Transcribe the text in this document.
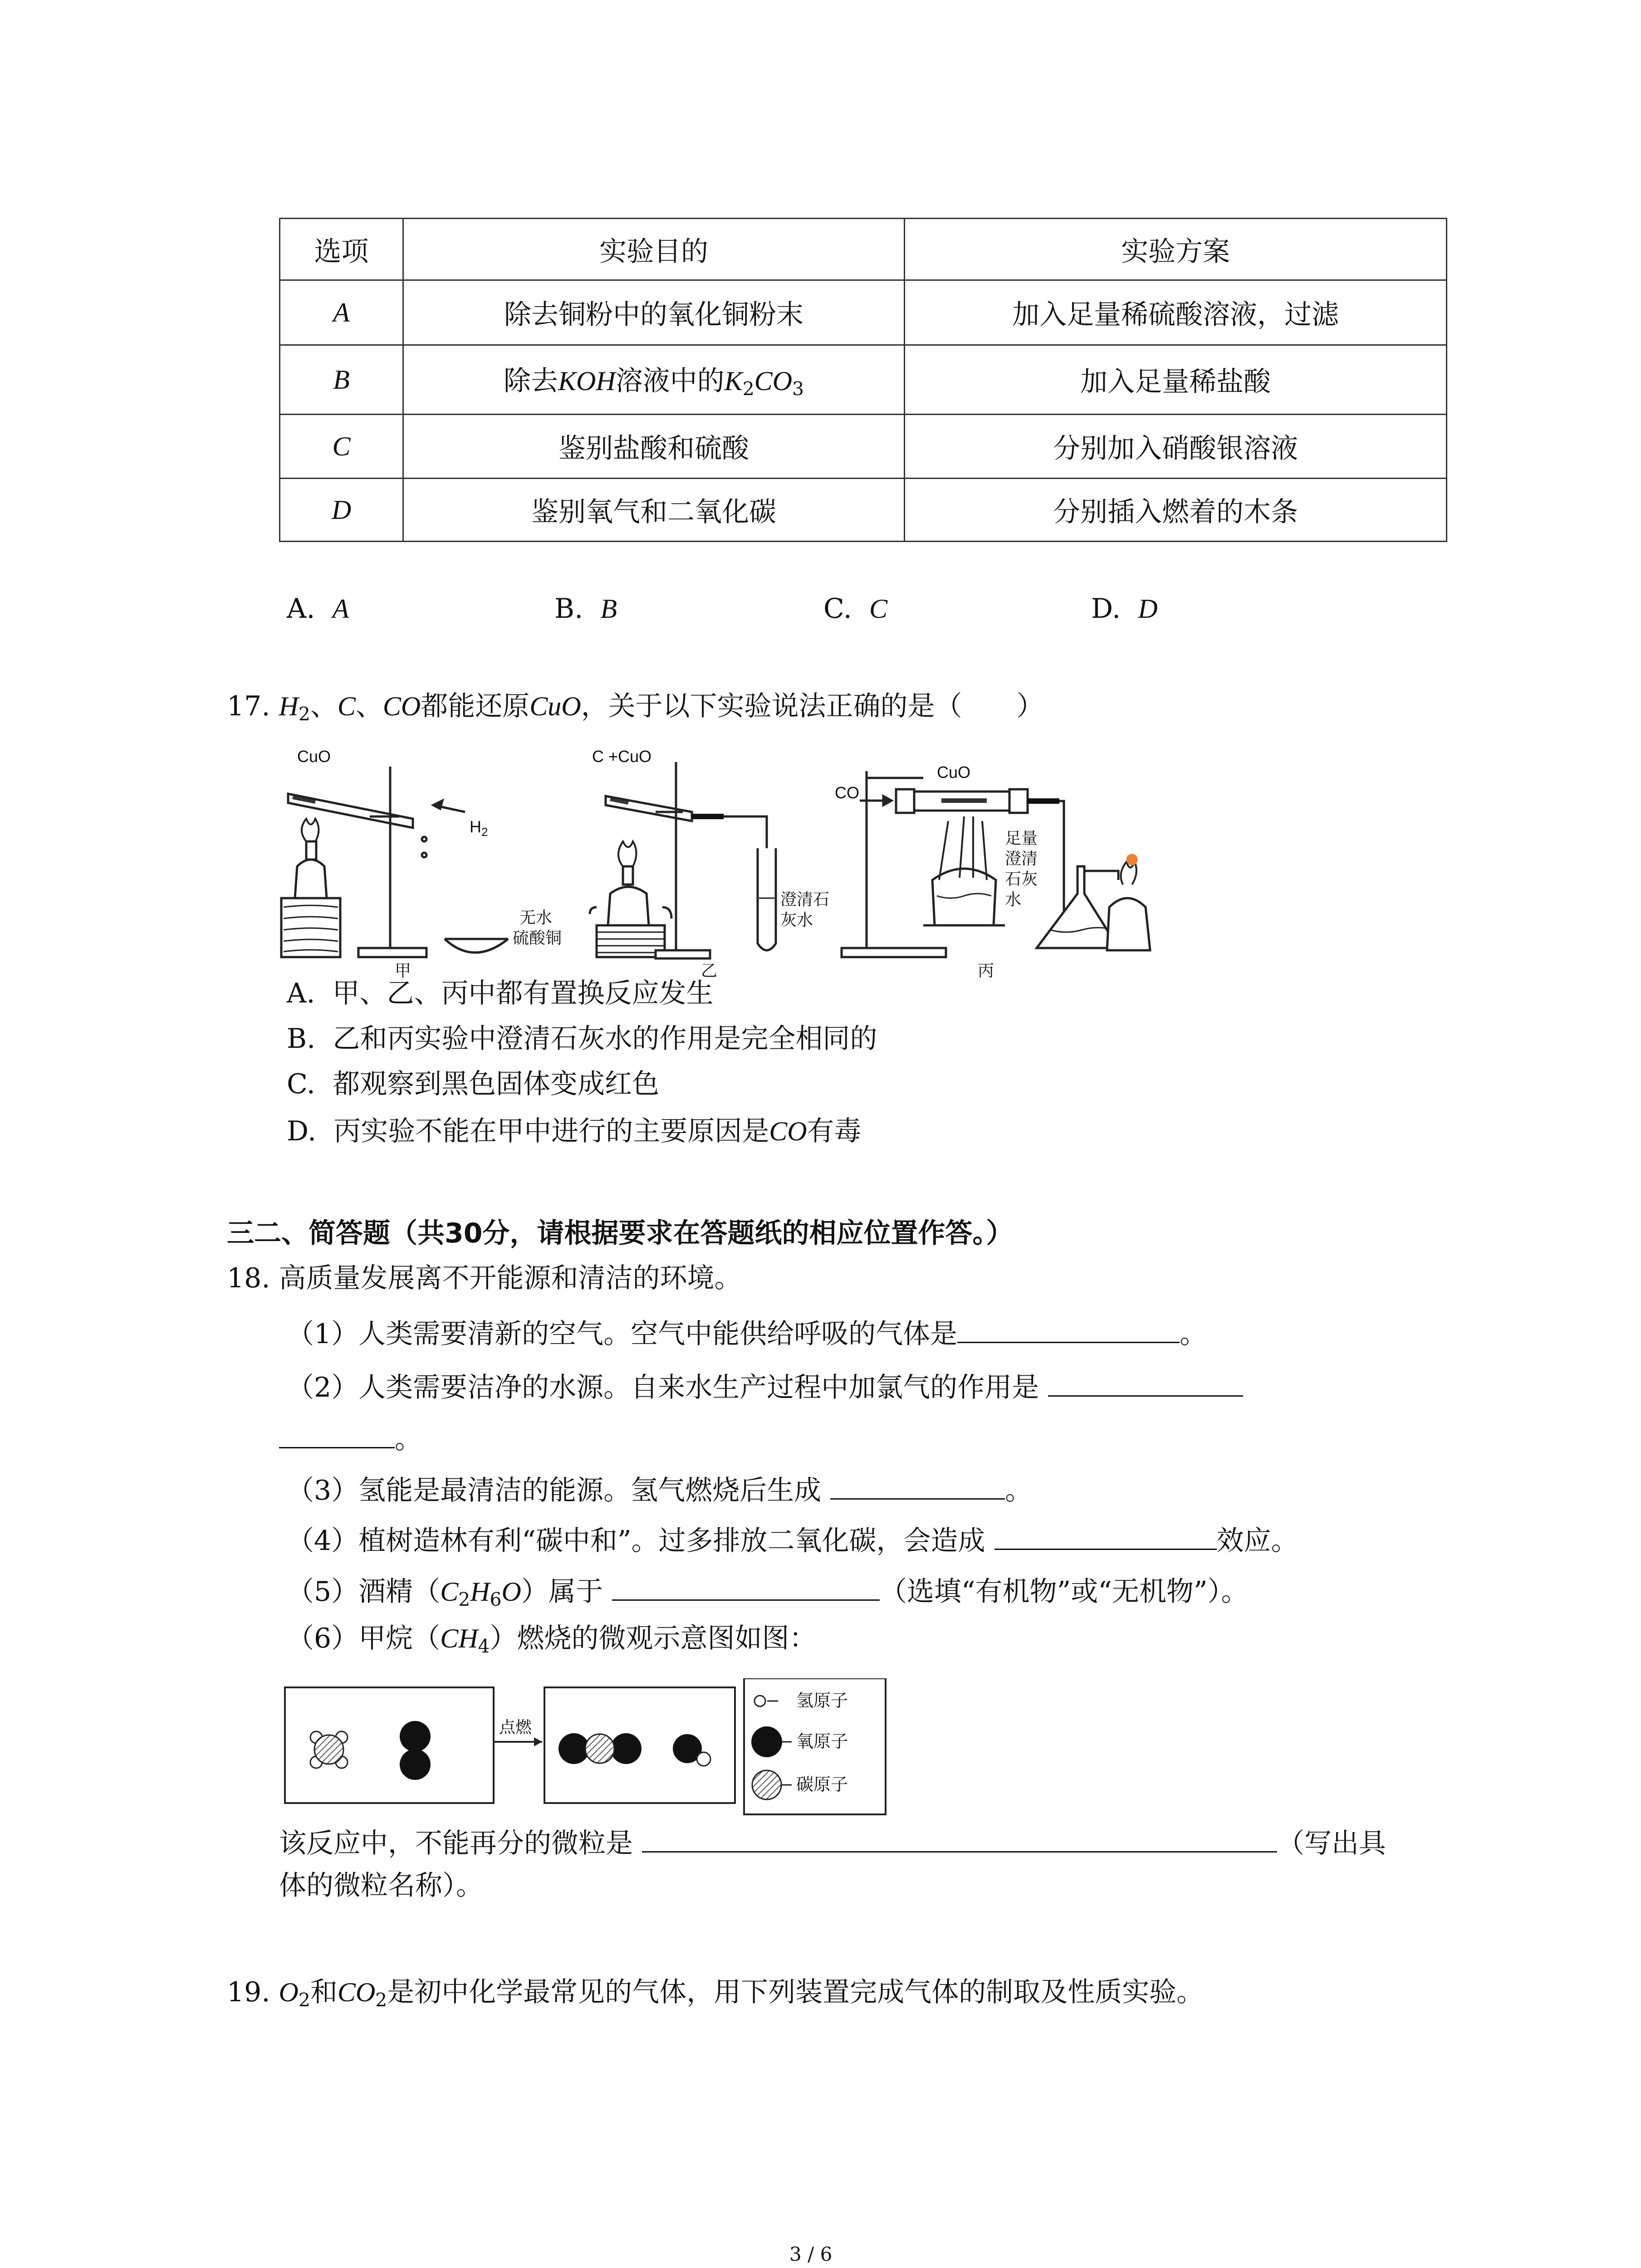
选项	实验目的	实验方案
A	除去铜粉中的氧化铜粉末	加入足量稀硫酸溶液，过滤
B	除去KOH溶液中的$K_2CO_3$	加入足量稀盐酸
C	鉴别盐酸和硫酸	分别加入硝酸银溶液
D	鉴别氧气和二氧化碳	分别插入燃着的木条
A. A	B. B	C. C	D. D
17. $H_2$、C、CO都能还原CuO，关于以下实验说法正确的是（　　）
CuO
$H_2$
无水
硫酸铜
C +CuO
澄清石
灰水
CO
CuO
足量
澄清
石灰
水
甲	乙	丙
A. 甲、乙、丙中都有置换反应发生
B. 乙和丙实验中澄清石灰水的作用是完全相同的
C. 都观察到黑色固体变成红色
D. 丙实验不能在甲中进行的主要原因是CO有毒
三二、简答题（共30分，请根据要求在答题纸的相应位置作答。）
18. 高质量发展离不开能源和清洁的环境。
（1）人类需要清新的空气。空气中能供给呼吸的气体是	。
（2）人类需要洁净的水源。自来水生产过程中加氯气的作用是
。
（3）氢能是最清洁的能源。氢气燃烧后生成	。
（4）植树造林有利“碳中和”。过多排放二氧化碳，会造成	效应。
（5）酒精$(C_2H_6O)$属于	（选填“有机物”或“无机物”）。
（6）甲烷$(CH_4)$燃烧的微观示意图如图：
点燃
氢原子
氧原子
碳原子
该反应中，不能再分的微粒是	（写出具
体的微粒名称）。
19. $O_2$和$CO_2$是初中化学最常见的气体，用下列装置完成气体的制取及性质实验。
3 / 6
